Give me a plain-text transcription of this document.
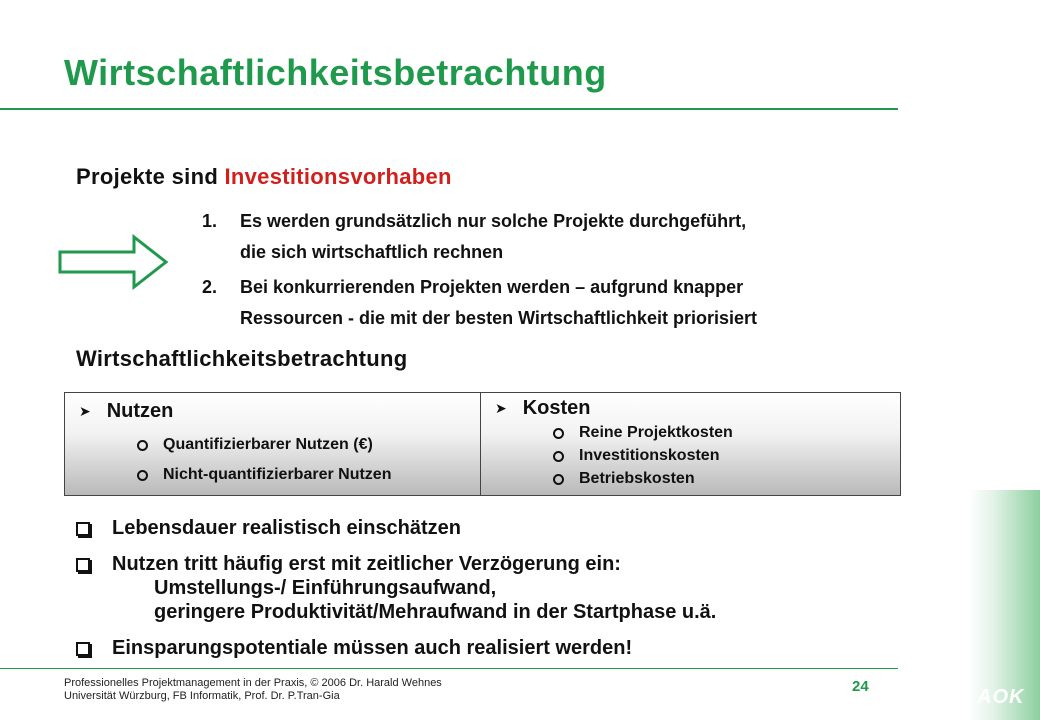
Wirtschaftlichkeitsbetrachtung
Projekte sind Investitionsvorhaben
1.	Es werden grundsätzlich nur solche Projekte durchgeführt,
die sich wirtschaftlich rechnen
2.	Bei konkurrierenden Projekten werden – aufgrund knapper
Ressourcen - die mit der besten Wirtschaftlichkeit priorisiert
Wirtschaftlichkeitsbetrachtung
➤ Nutzen
Quantifizierbarer Nutzen (€)
Nicht-quantifizierbarer Nutzen
➤ Kosten
Reine Projektkosten
Investitionskosten
Betriebskosten
Lebensdauer realistisch einschätzen
Nutzen tritt häufig erst mit zeitlicher Verzögerung ein:
Umstellungs-/ Einführungsaufwand,
geringere Produktivität/Mehraufwand in der Startphase u.ä.
Einsparungspotentiale müssen auch realisiert werden!
Professionelles Projektmanagement in der Praxis, © 2006 Dr. Harald Wehnes
Universität Würzburg, FB Informatik, Prof. Dr. P.Tran-Gia
24	AOK
